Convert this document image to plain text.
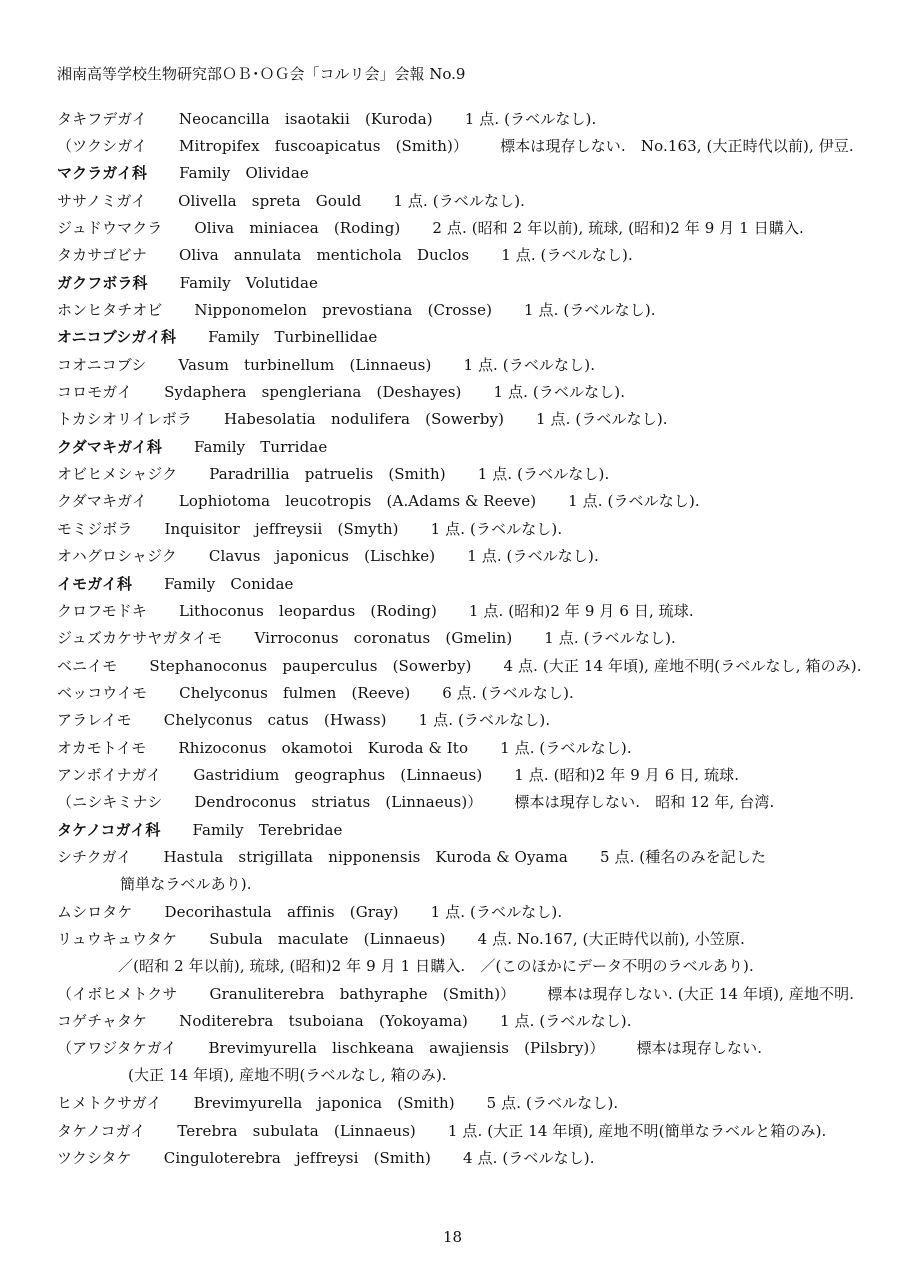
湘南高等学校生物研究部ＯＢ･ＯＧ会「コルリ会」会報 No.9
タキフデガイ Neocancilla　isaotakii　(Kuroda) 1 点. (ラベルなし).
（ツクシガイ Mitropifex　fuscoapicatus　(Smith)） 標本は現存しない.　No.163, (大正時代以前), 伊豆.
マクラガイ科 Family　Olividae
ササノミガイ Olivella　spreta　Gould 1 点. (ラベルなし).
ジュドウマクラ Oliva　miniacea　(Roding) 2 点. (昭和 2 年以前), 琉球, (昭和)2 年 9 月 1 日購入.
タカサゴビナ Oliva　annulata　mentichola　Duclos 1 点. (ラベルなし).
ガクフボラ科 Family　Volutidae
ホンヒタチオビ Nipponomelon　prevostiana　(Crosse) 1 点. (ラベルなし).
オニコブシガイ科 Family　Turbinellidae
コオニコブシ Vasum　turbinellum　(Linnaeus) 1 点. (ラベルなし).
コロモガイ Sydaphera　spengleriana　(Deshayes) 1 点. (ラベルなし).
トカシオリイレボラ Habesolatia　nodulifera　(Sowerby) 1 点. (ラベルなし).
クダマキガイ科 Family　Turridae
オビヒメシャジク Paradrillia　patruelis　(Smith) 1 点. (ラベルなし).
クダマキガイ Lophiotoma　leucotropis　(A.Adams & Reeve) 1 点. (ラベルなし).
モミジボラ Inquisitor　jeffreysii　(Smyth) 1 点. (ラベルなし).
オハグロシャジク Clavus　japonicus　(Lischke) 1 点. (ラベルなし).
イモガイ科 Family　Conidae
クロフモドキ Lithoconus　leopardus　(Roding) 1 点. (昭和)2 年 9 月 6 日, 琉球.
ジュズカケサヤガタイモ Virroconus　coronatus　(Gmelin) 1 点. (ラベルなし).
ベニイモ Stephanoconus　pauperculus　(Sowerby) 4 点. (大正 14 年頃), 産地不明(ラベルなし, 箱のみ).
ベッコウイモ Chelyconus　fulmen　(Reeve) 6 点. (ラベルなし).
アラレイモ Chelyconus　catus　(Hwass) 1 点. (ラベルなし).
オカモトイモ Rhizoconus　okamotoi　Kuroda & Ito 1 点. (ラベルなし).
アンボイナガイ Gastridium　geographus　(Linnaeus) 1 点. (昭和)2 年 9 月 6 日, 琉球.
（ニシキミナシ Dendroconus　striatus　(Linnaeus)） 標本は現存しない.　昭和 12 年, 台湾.
タケノコガイ科 Family　Terebridae
シチクガイ Hastula　strigillata　nipponensis　Kuroda & Oyama 5 点. (種名のみを記した
簡単なラベルあり).
ムシロタケ Decorihastula　affinis　(Gray) 1 点. (ラベルなし).
リュウキュウタケ Subula　maculate　(Linnaeus) 4 点. No.167, (大正時代以前), 小笠原.
／(昭和 2 年以前), 琉球, (昭和)2 年 9 月 1 日購入.　／(このほかにデータ不明のラベルあり).
（イボヒメトクサ Granuliterebra　bathyraphe　(Smith)） 標本は現存しない. (大正 14 年頃), 産地不明.
コゲチャタケ Noditerebra　tsuboiana　(Yokoyama) 1 点. (ラベルなし).
（アワジタケガイ Brevimyurella　lischkeana　awajiensis　(Pilsbry)） 標本は現存しない.
(大正 14 年頃), 産地不明(ラベルなし, 箱のみ).
ヒメトクサガイ Brevimyurella　japonica　(Smith) 5 点. (ラベルなし).
タケノコガイ Terebra　subulata　(Linnaeus) 1 点. (大正 14 年頃), 産地不明(簡単なラベルと箱のみ).
ツクシタケ Cinguloterebra　jeffreysi　(Smith) 4 点. (ラベルなし).
18
